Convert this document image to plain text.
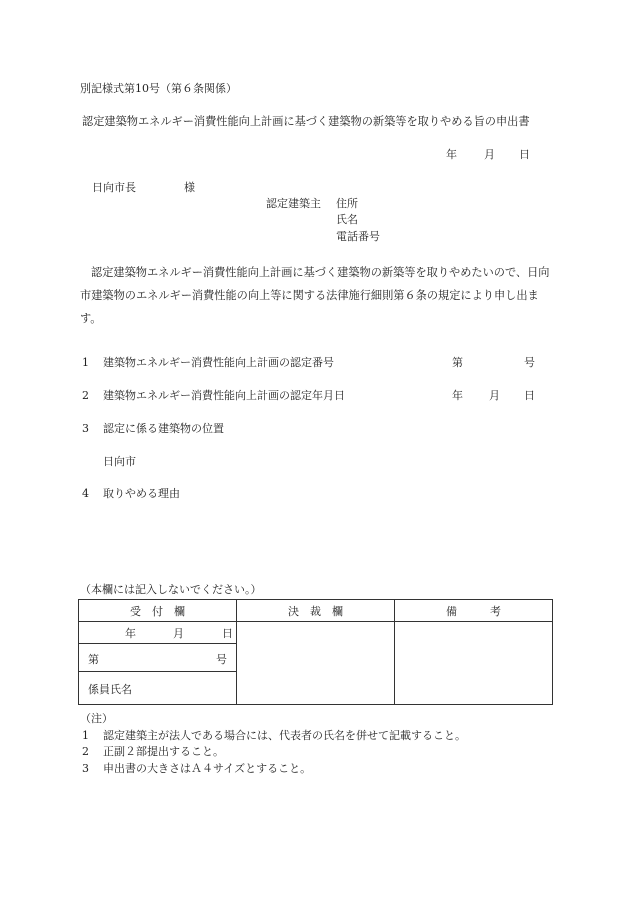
別記様式第10号（第６条関係）
認定建築物エネルギー消費性能向上計画に基づく建築物の新築等を取りやめる旨の申出書
年 月 日
日向市長	様
認定建築主 住所
氏名
電話番号
認定建築物エネルギー消費性能向上計画に基づく建築物の新築等を取りやめたいので、日向市建築物のエネルギー消費性能の向上等に関する法律施行細則第６条の規定により申し出ます。
1 建築物エネルギー消費性能向上計画の認定番号	第	号
2 建築物エネルギー消費性能向上計画の認定年月日	年 月 日
3 認定に係る建築物の位置
日向市
4 取りやめる理由
（本欄には記入しないでください。）
受　付　欄	決　裁　欄	備　　　考

年 月 日		

第 号		

係員氏名		
（注）
1 認定建築主が法人である場合には、代表者の氏名を併せて記載すること。
2 正副２部提出すること。
3 申出書の大きさはＡ４サイズとすること。
